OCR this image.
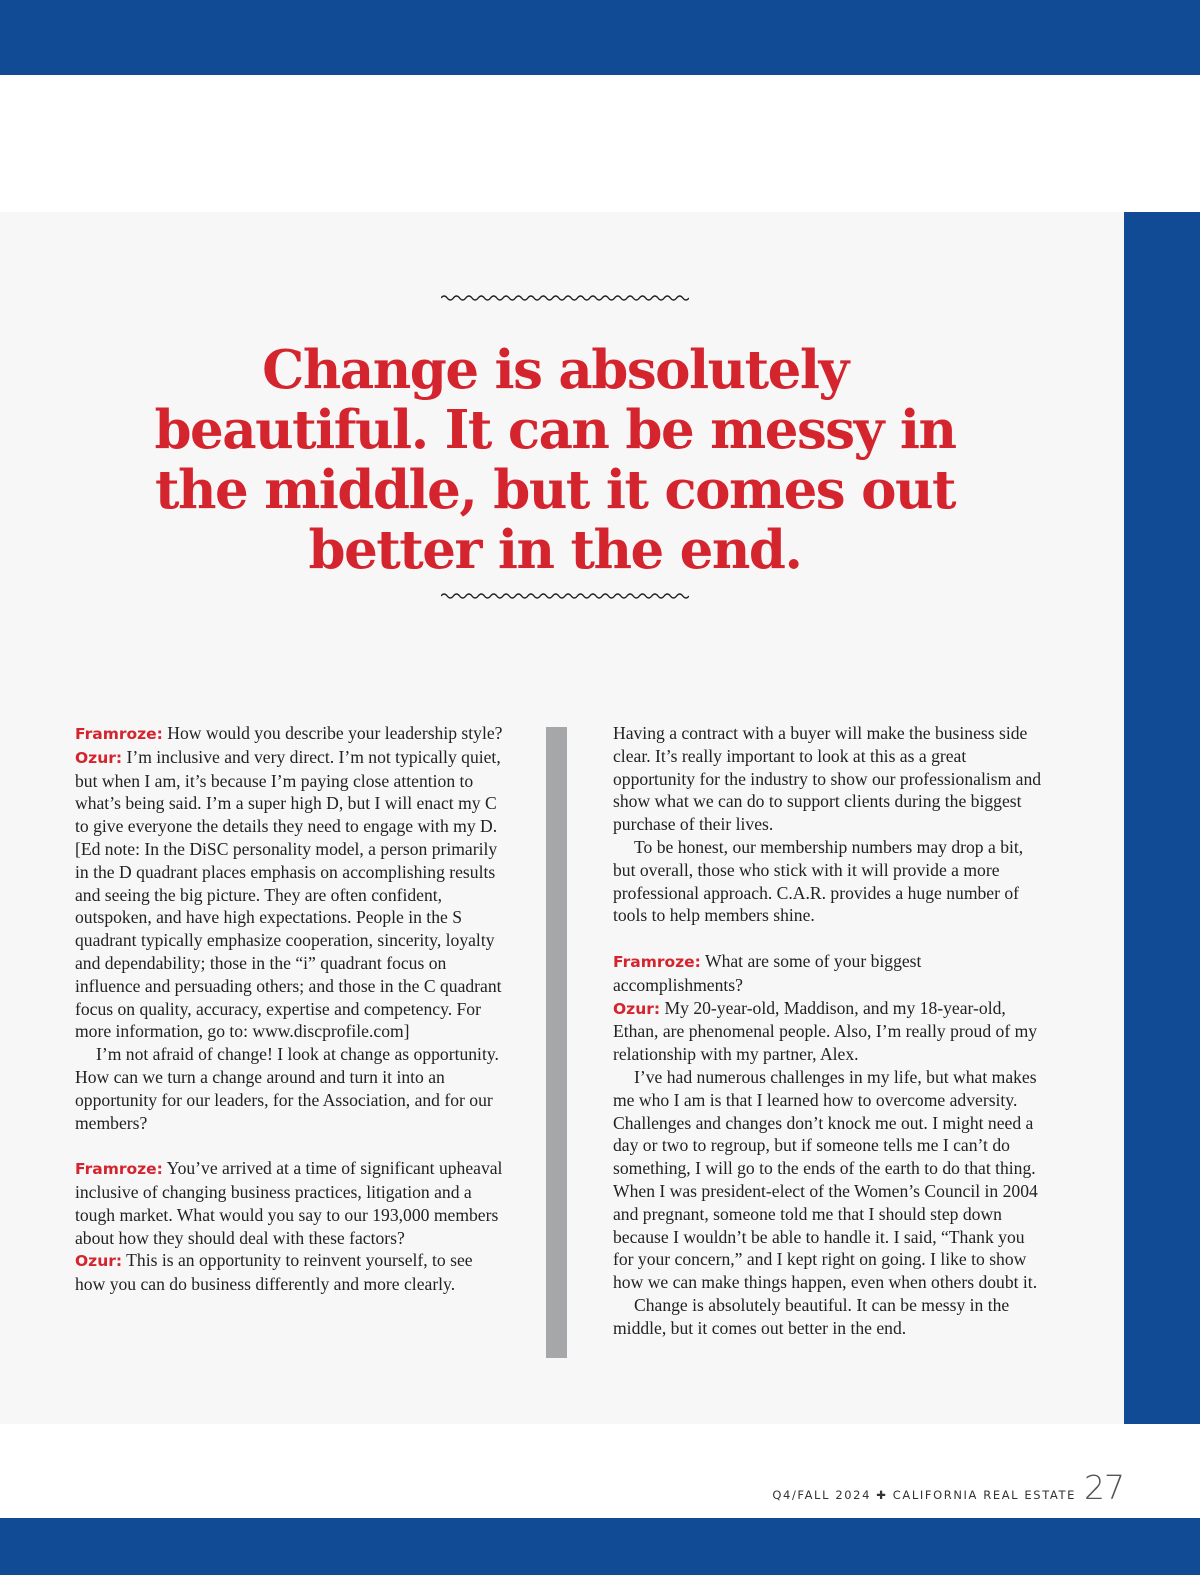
Change is absolutely beautiful. It can be messy in the middle, but it comes out better in the end.

Framroze: How would you describe your leadership style?

Ozur: I’m inclusive and very direct. I’m not typically quiet, but when I am, it’s because I’m paying close attention to what’s being said. I’m a super high D, but I will enact my C to give everyone the details they need to engage with my D. [Ed note: In the DiSC personality model, a person primarily in the D quadrant places emphasis on accomplishing results and seeing the big picture. They are often confident, outspoken, and have high expectations. People in the S quadrant typically emphasize cooperation, sincerity, loyalty and dependability; those in the “i” quadrant focus on influence and persuading others; and those in the C quadrant focus on quality, accuracy, expertise and competency. For more information, go to: www.discprofile.com]

I’m not afraid of change! I look at change as opportunity. How can we turn a change around and turn it into an opportunity for our leaders, for the Association, and for our members?

Framroze: You’ve arrived at a time of significant upheaval inclusive of changing business practices, litigation and a tough market. What would you say to our 193,000 members about how they should deal with these factors?

Ozur: This is an opportunity to reinvent yourself, to see how you can do business differently and more clearly.

Having a contract with a buyer will make the business side clear. It’s really important to look at this as a great opportunity for the industry to show our professionalism and show what we can do to support clients during the biggest purchase of their lives.

To be honest, our membership numbers may drop a bit, but overall, those who stick with it will provide a more professional approach. C.A.R. provides a huge number of tools to help members shine.

Framroze: What are some of your biggest accomplishments?

Ozur: My 20-year-old, Maddison, and my 18-year-old, Ethan, are phenomenal people. Also, I’m really proud of my relationship with my partner, Alex.

I’ve had numerous challenges in my life, but what makes me who I am is that I learned how to overcome adversity. Challenges and changes don’t knock me out. I might need a day or two to regroup, but if someone tells me I can’t do something, I will go to the ends of the earth to do that thing. When I was president-elect of the Women’s Council in 2004 and pregnant, someone told me that I should step down because I wouldn’t be able to handle it. I said, “Thank you for your concern,” and I kept right on going. I like to show how we can make things happen, even when others doubt it.

Change is absolutely beautiful. It can be messy in the middle, but it comes out better in the end.

Q4/FALL 2024 ✚ CALIFORNIA REAL ESTATE 27
